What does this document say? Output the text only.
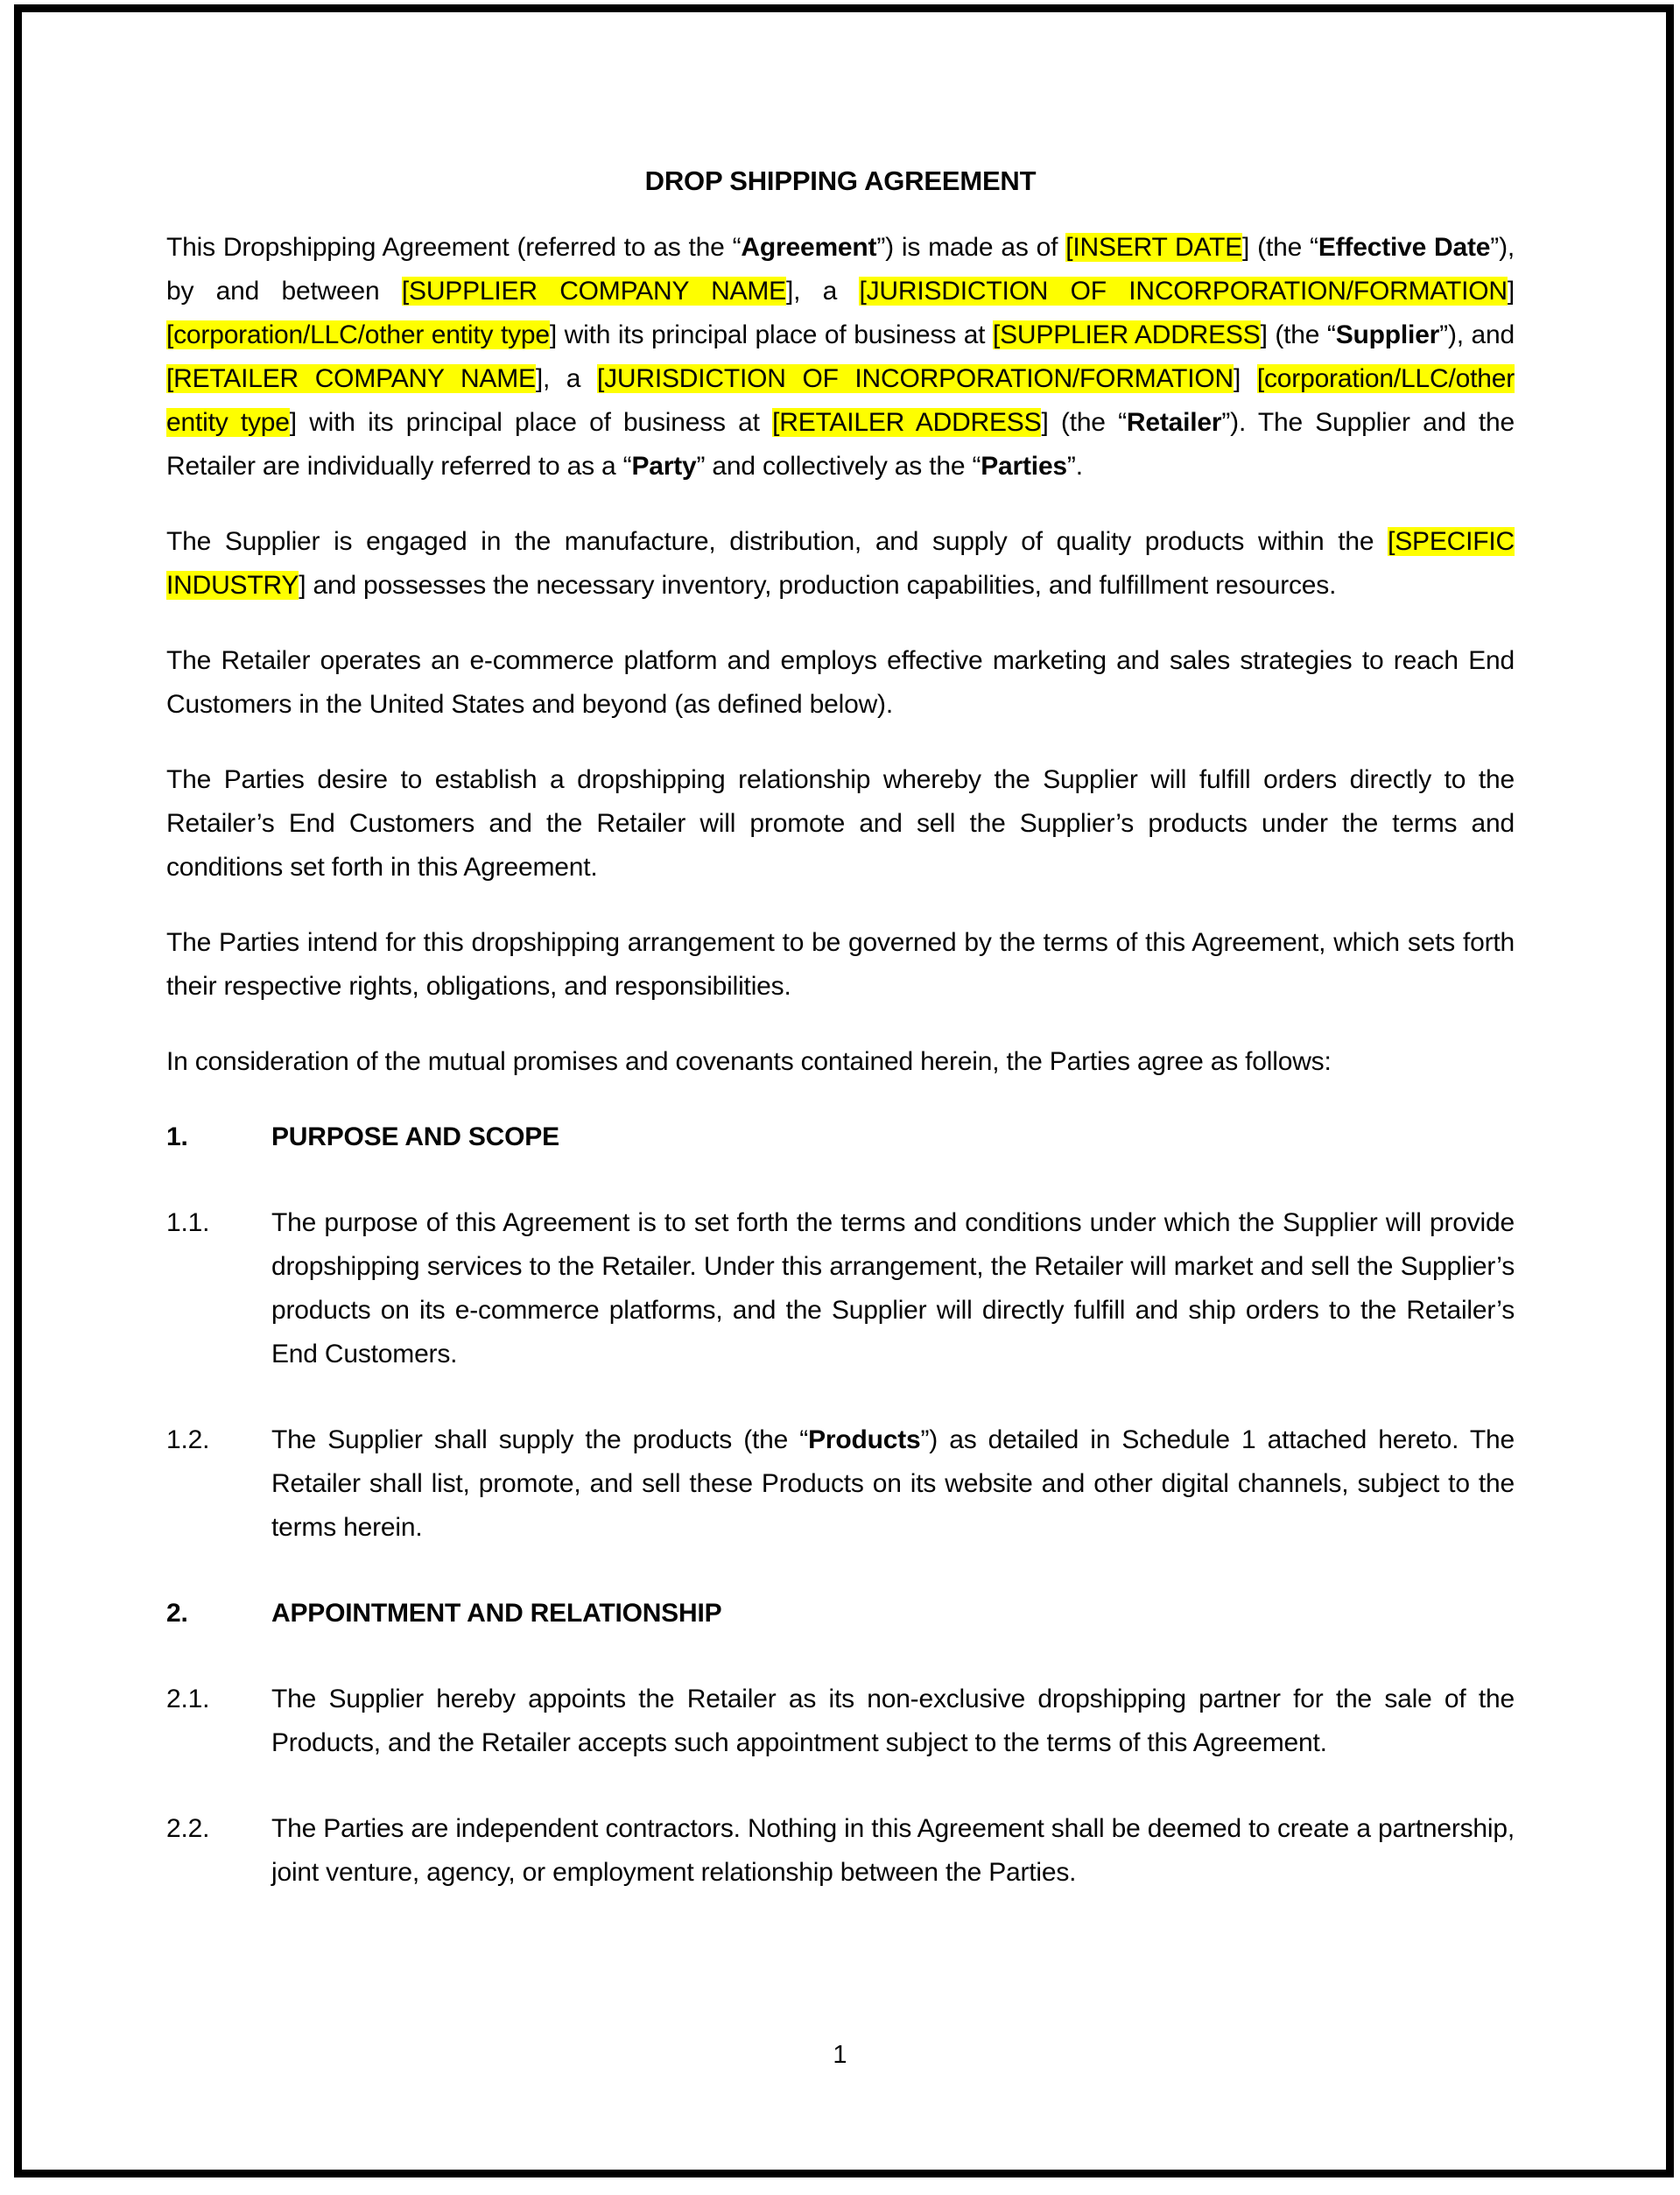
DROP SHIPPING AGREEMENT

This Dropshipping Agreement (referred to as the “Agreement”) is made as of [INSERT DATE] (the “Effective Date”), by and between [SUPPLIER COMPANY NAME], a [JURISDICTION OF INCORPORATION/FORMATION] [corporation/LLC/other entity type] with its principal place of business at [SUPPLIER ADDRESS] (the “Supplier”), and [RETAILER COMPANY NAME], a [JURISDICTION OF INCORPORATION/FORMATION] [corporation/LLC/other entity type] with its principal place of business at [RETAILER ADDRESS] (the “Retailer”). The Supplier and the Retailer are individually referred to as a “Party” and collectively as the “Parties”.

The Supplier is engaged in the manufacture, distribution, and supply of quality products within the [SPECIFIC INDUSTRY] and possesses the necessary inventory, production capabilities, and fulfillment resources.

The Retailer operates an e-commerce platform and employs effective marketing and sales strategies to reach End Customers in the United States and beyond (as defined below).

The Parties desire to establish a dropshipping relationship whereby the Supplier will fulfill orders directly to the Retailer’s End Customers and the Retailer will promote and sell the Supplier’s products under the terms and conditions set forth in this Agreement.

The Parties intend for this dropshipping arrangement to be governed by the terms of this Agreement, which sets forth their respective rights, obligations, and responsibilities.

In consideration of the mutual promises and covenants contained herein, the Parties agree as follows:

1.	PURPOSE AND SCOPE
1.1. The purpose of this Agreement is to set forth the terms and conditions under which the Supplier will provide dropshipping services to the Retailer. Under this arrangement, the Retailer will market and sell the Supplier’s products on its e-commerce platforms, and the Supplier will directly fulfill and ship orders to the Retailer’s End Customers.
1.2. The Supplier shall supply the products (the “Products”) as detailed in Schedule 1 attached hereto. The Retailer shall list, promote, and sell these Products on its website and other digital channels, subject to the terms herein.
2.	APPOINTMENT AND RELATIONSHIP
2.1. The Supplier hereby appoints the Retailer as its non-exclusive dropshipping partner for the sale of the Products, and the Retailer accepts such appointment subject to the terms of this Agreement.
2.2. The Parties are independent contractors. Nothing in this Agreement shall be deemed to create a partnership, joint venture, agency, or employment relationship between the Parties.
1
